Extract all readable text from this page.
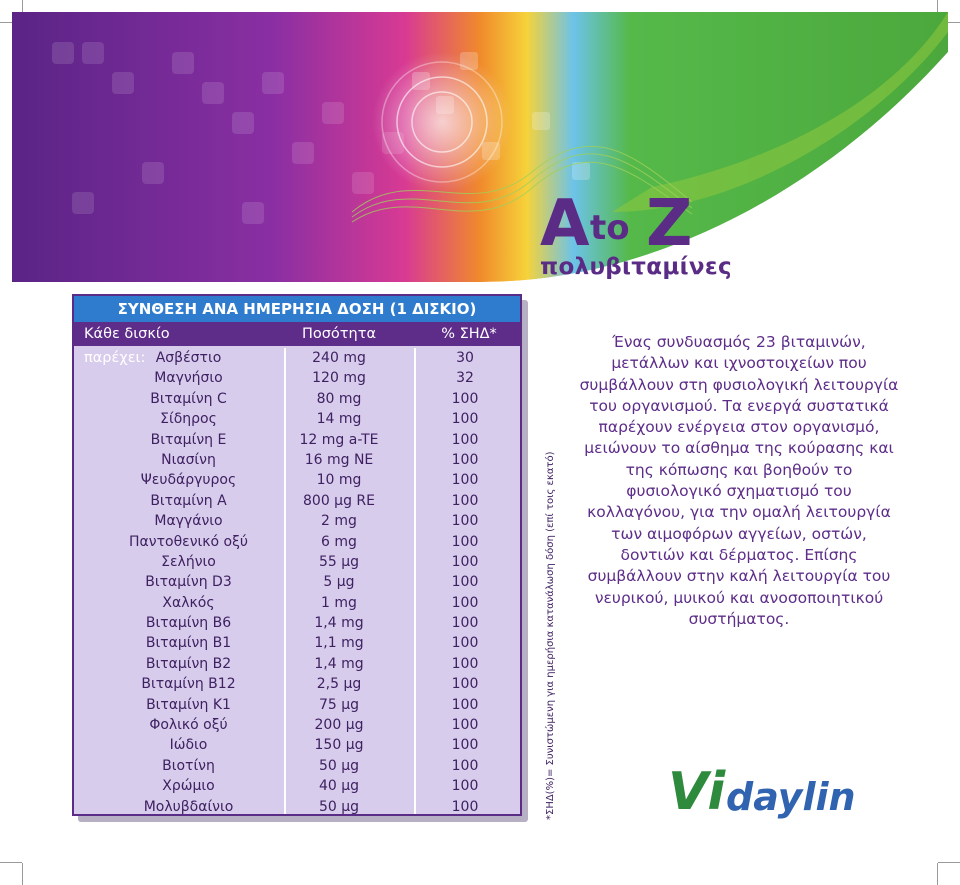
A to Z
πολυβιταμίνες
ΣΥΝΘΕΣΗ ΑΝΑ ΗΜΕΡΗΣΙΑ ΔΟΣΗ (1 ΔΙΣΚΙΟ)
Κάθε δισκίο παρέχει:
Ποσότητα	% ΣΗΔ*
Ασβέστιο	240 mg	30
Μαγνήσιο	120 mg	32
Βιταμίνη C	80 mg	100
Σίδηρος	14 mg	100
Βιταμίνη E	12 mg a-TE	100
Νιασίνη	16 mg NE	100
Ψευδάργυρος	10 mg	100
Βιταμίνη A	800 μg RE	100
Μαγγάνιο	2 mg	100
Παντοθενικό οξύ	6 mg	100
Σελήνιο	55 μg	100
Βιταμίνη D3	5 μg	100
Χαλκός	1 mg	100
Βιταμίνη B6	1,4 mg	100
Βιταμίνη B1	1,1 mg	100
Βιταμίνη B2	1,4 mg	100
Βιταμίνη B12	2,5 μg	100
Βιταμίνη K1	75 μg	100
Φολικό οξύ	200 μg	100
Ιώδιο	150 μg	100
Βιοτίνη	50 μg	100
Χρώμιο	40 μg	100
Μολυβδαίνιο	50 μg	100	*ΣΗΔ(%)= Συνιστώμενη για ημερήσια κατανάλωση δόση (επί τοις εκατό)
Ένας συνδυασμός 23 βιταμινών, μετάλλων και ιχνοστοιχείων που συμβάλλουν στη φυσιολογική λειτουργία του οργανισμού. Τα ενεργά συστατικά παρέχουν ενέργεια στον οργανισμό, μειώνουν το αίσθημα της κούρασης και της κόπωσης και βοηθούν το φυσιολογικό σχηματισμό του κολλαγόνου, για την ομαλή λειτουργία των αιμοφόρων αγγείων, οστών, δοντιών και δέρματος. Επίσης συμβάλλουν στην καλή λειτουργία του νευρικού, μυικού και ανοσοποιητικού συστήματος.
Vi daylin
